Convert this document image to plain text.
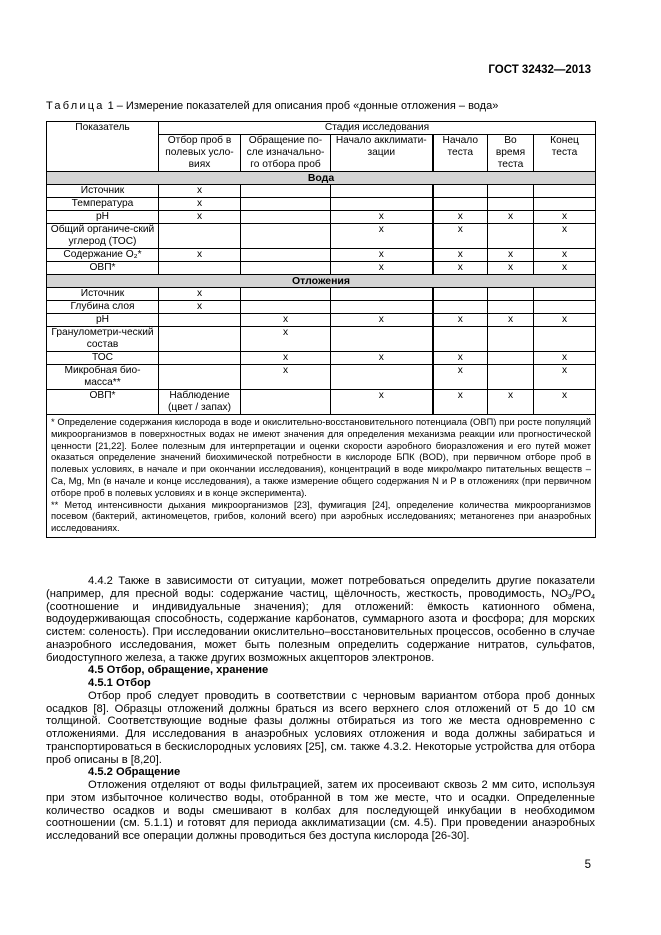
ГОСТ 32432—2013
Таблица 1 – Измерение показателей для описания проб «донные отложения – вода»
Показатель	Стадия исследования					
	Отбор проб в полевых усло-виях	Обращение по-сле изначально-го отбора проб	Начало акклимати-зации	Начало теста	Во время теста	Конец теста
Вода						
Источник	x					
Температура	x					
pH	x		x	x	x	x
Общий органиче-ский углерод (ТОС)			x	x		x
Содержание O₂*	x		x	x	x	x
ОВП*			x	x	x	x
Отложения						
Источник	x					
Глубина слоя	x					
pH		x	x	x	x	x
Гранулометри-ческий состав		x				
ТОС		x	x	x		x
Микробная био-масса**		x		x		x
ОВП*	Наблюдение (цвет / запах)		x	x	x	x

* Определение содержания кислорода в воде и окислительно-восстановительного потенциала (ОВП) при росте популяций микроорганизмов в поверхностных водах не имеют значения для определения механизма реакции или прогностической ценности [21,22]. Более полезным для интерпретации и оценки скорости аэробного биоразложения и его путей может оказаться определение значений биохимической потребности в кислороде БПК (BOD), при первичном отборе проб в полевых условиях, в начале и при окончании исследования), концентраций в воде микро/макро питательных веществ – Ca, Mg, Mn (в начале и конце исследования), а также измерение общего содержания N и P в отложениях (при первичном отборе проб в полевых условиях и в конце эксперимента).
** Метод интенсивности дыхания микроорганизмов [23], фумигация [24], определение количества микроорганизмов посевом (бактерий, актиномецетов, грибов, колоний всего) при аэробных исследованиях; метаногенез при анаэробных исследованиях.						

4.4.2 Также в зависимости от ситуации, может потребоваться определить другие показатели (например, для пресной воды: содержание частиц, щёлочность, жесткость, проводимость, $NO_3/PO_4$ (соотношение и индивидуальные значения); для отложений: ёмкость катионного обмена, водоудерживающая способность, содержание карбонатов, суммарного азота и фосфора; для морских систем: соленость). При исследовании окислительно–восстановительных процессов, особенно в случае анаэробного исследования, может быть полезным определить содержание нитратов, сульфатов, биодоступного железа, а также других возможных акцепторов электронов.

4.5 Отбор, обращение, хранение
4.5.1 Отбор

Отбор проб следует проводить в соответствии с черновым вариантом отбора проб донных осадков [8]. Образцы отложений должны браться из всего верхнего слоя отложений от 5 до 10 см толщиной. Соответствующие водные фазы должны отбираться из того же места одновременно с отложениями. Для исследования в анаэробных условиях отложения и вода должны забираться и транспортироваться в бескислородных условиях [25], см. также 4.3.2. Некоторые устройства для отбора проб описаны в [8,20].

4.5.2 Обращение

Отложения отделяют от воды фильтрацией, затем их просеивают сквозь 2 мм сито, используя при этом избыточное количество воды, отобранной в том же месте, что и осадки. Определенные количество осадков и воды смешивают в колбах для последующей инкубации в необходимом соотношении (см. 5.1.1) и готовят для периода акклиматизации (см. 4.5). При проведении анаэробных исследований все операции должны проводиться без доступа кислорода [26-30].

5
